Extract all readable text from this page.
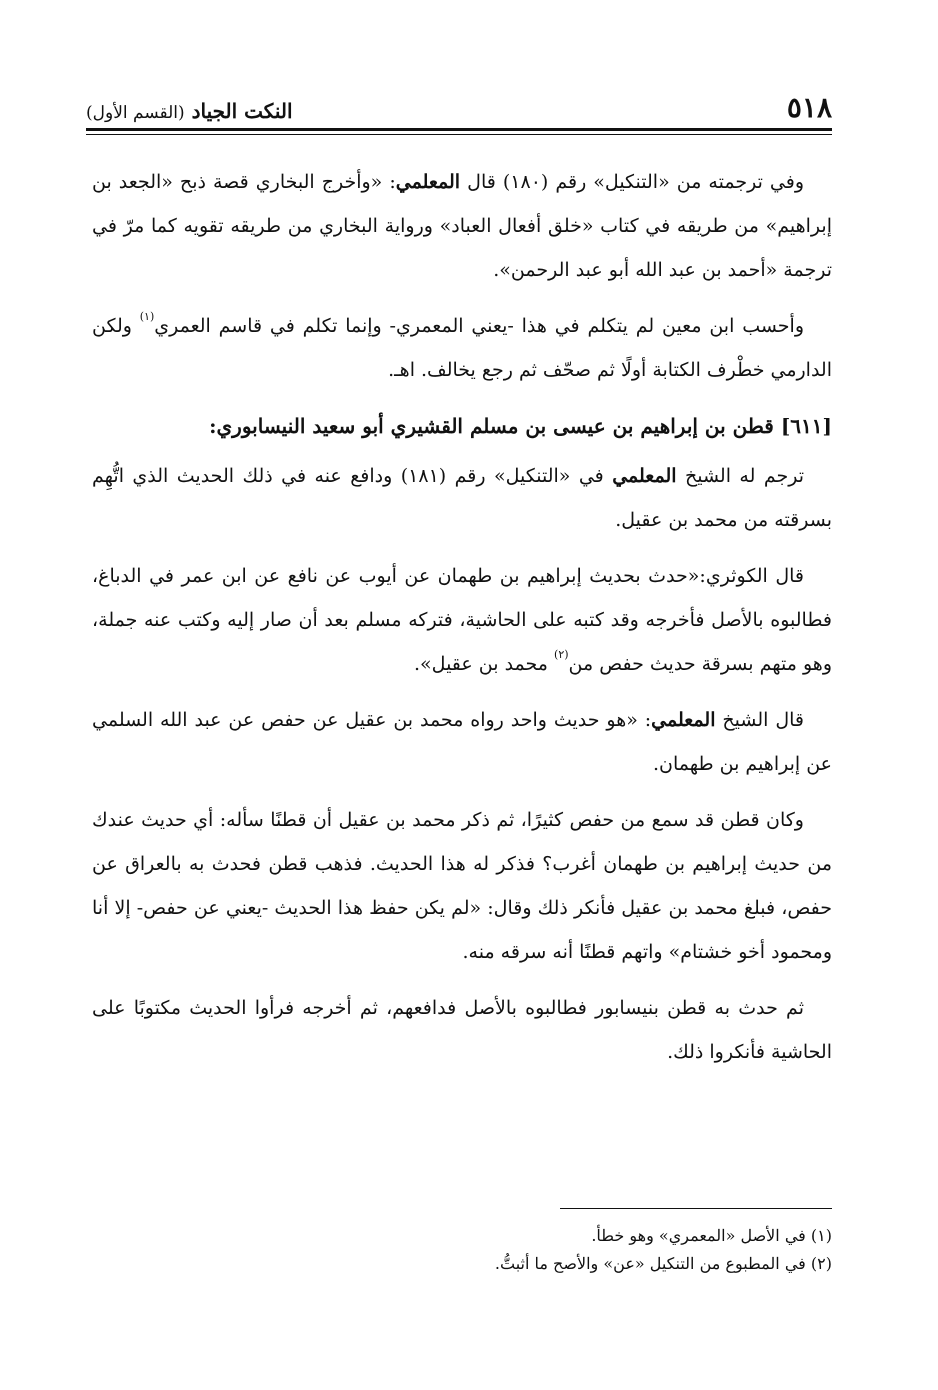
٥١٨
النكت الجياد (القسم الأول)

وفي ترجمته من «التنكيل» رقم (١٨٠) قال المعلمي: «وأخرج البخاري قصة ذبح «الجعد بن إبراهيم» من طريقه في كتاب «خلق أفعال العباد» ورواية البخاري من طريقه تقويه كما مرّ في ترجمة «أحمد بن عبد الله أبو عبد الرحمن».

وأحسب ابن معين لم يتكلم في هذا -يعني المعمري- وإنما تكلم في قاسم العمري$^{(١)}$ ولكن الدارمي خطْرف الكتابة أولًا ثم صحّف ثم رجع يخالف. اهـ.

[٦١١] قطن بن إبراهيم بن عيسى بن مسلم القشيري أبو سعيد النيسابوري:

ترجم له الشيخ المعلمي في «التنكيل» رقم (١٨١) ودافع عنه في ذلك الحديث الذي اتُّهِم بسرقته من محمد بن عقيل.

قال الكوثري:«حدث بحديث إبراهيم بن طهمان عن أيوب عن نافع عن ابن عمر في الدباغ، فطالبوه بالأصل فأخرجه وقد كتبه على الحاشية، فتركه مسلم بعد أن صار إليه وكتب عنه جملة، وهو متهم بسرقة حديث حفص من$^{(٢)}$ محمد بن عقيل».

قال الشيخ المعلمي: «هو حديث واحد رواه محمد بن عقيل عن حفص عن عبد الله السلمي عن إبراهيم بن طهمان.

وكان قطن قد سمع من حفص كثيرًا، ثم ذكر محمد بن عقيل أن قطنًا سأله: أي حديث عندك من حديث إبراهيم بن طهمان أغرب؟ فذكر له هذا الحديث. فذهب قطن فحدث به بالعراق عن حفص، فبلغ محمد بن عقيل فأنكر ذلك وقال: «لم يكن حفظ هذا الحديث -يعني عن حفص- إلا أنا ومحمود أخو خشتام» واتهم قطنًا أنه سرقه منه.

ثم حدث به قطن بنيسابور فطالبوه بالأصل فدافعهم، ثم أخرجه فرأوا الحديث مكتوبًا على الحاشية فأنكروا ذلك.

(١) في الأصل «المعمري» وهو خطأ.

(٢) في المطبوع من التنكيل «عن» والأصح ما أثبتُّ.
